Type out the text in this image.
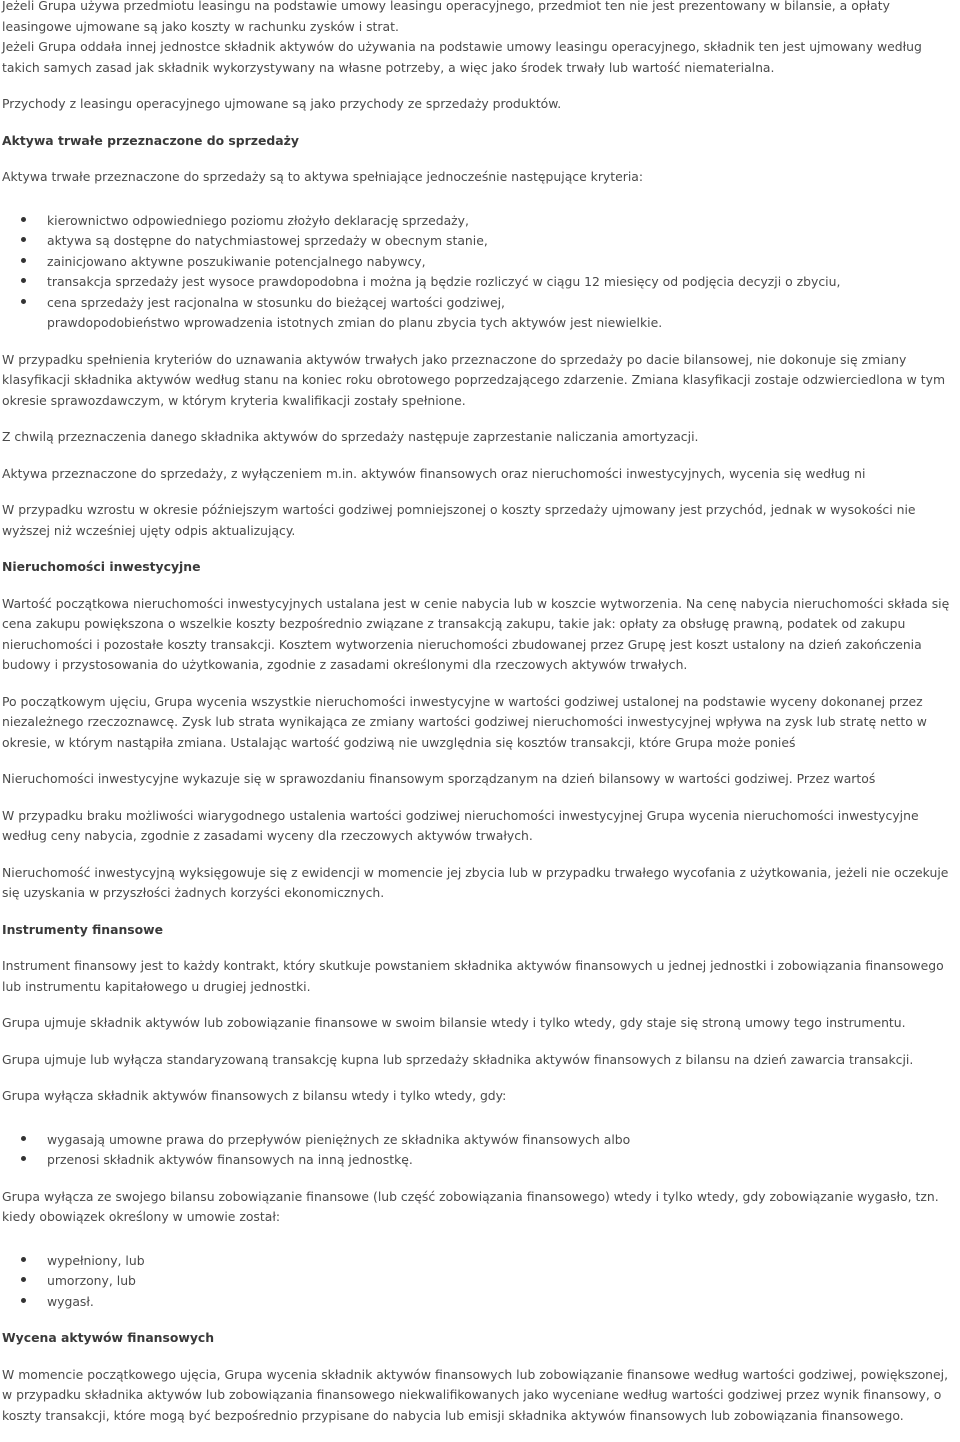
Jeżeli Grupa używa przedmiotu leasingu na podstawie umowy leasingu operacyjnego, przedmiot ten nie jest prezentowany w bilansie, a opłaty leasingowe ujmowane są jako koszty w rachunku zysków i strat.

Jeżeli Grupa oddała innej jednostce składnik aktywów do używania na podstawie umowy leasingu operacyjnego, składnik ten jest ujmowany według takich samych zasad jak składnik wykorzystywany na własne potrzeby, a więc jako środek trwały lub wartość niematerialna.

Przychody z leasingu operacyjnego ujmowane są jako przychody ze sprzedaży produktów.

Aktywa trwałe przeznaczone do sprzedaży

Aktywa trwałe przeznaczone do sprzedaży są to aktywa spełniające jednocześnie następujące kryteria:

kierownictwo odpowiedniego poziomu złożyło deklarację sprzedaży,
aktywa są dostępne do natychmiastowej sprzedaży w obecnym stanie,
zainicjowano aktywne poszukiwanie potencjalnego nabywcy,
transakcja sprzedaży jest wysoce prawdopodobna i można ją będzie rozliczyć w ciągu 12 miesięcy od podjęcia decyzji o zbyciu,
cena sprzedaży jest racjonalna w stosunku do bieżącej wartości godziwej,
prawdopodobieństwo wprowadzenia istotnych zmian do planu zbycia tych aktywów jest niewielkie.

W przypadku spełnienia kryteriów do uznawania aktywów trwałych jako przeznaczone do sprzedaży po dacie bilansowej, nie dokonuje się zmiany klasyfikacji składnika aktywów według stanu na koniec roku obrotowego poprzedzającego zdarzenie. Zmiana klasyfikacji zostaje odzwierciedlona w tym okresie sprawozdawczym, w którym kryteria kwalifikacji zostały spełnione.

Z chwilą przeznaczenia danego składnika aktywów do sprzedaży następuje zaprzestanie naliczania amortyzacji.

Aktywa przeznaczone do sprzedaży, z wyłączeniem m.in. aktywów finansowych oraz nieruchomości inwestycyjnych, wycenia się według ni

W przypadku wzrostu w okresie późniejszym wartości godziwej pomniejszonej o koszty sprzedaży ujmowany jest przychód, jednak w wysokości nie wyższej niż wcześniej ujęty odpis aktualizujący.

Nieruchomości inwestycyjne

Wartość początkowa nieruchomości inwestycyjnych ustalana jest w cenie nabycia lub w koszcie wytworzenia. Na cenę nabycia nieruchomości składa się cena zakupu powiększona o wszelkie koszty bezpośrednio związane z transakcją zakupu, takie jak: opłaty za obsługę prawną, podatek od zakupu nieruchomości i pozostałe koszty transakcji. Kosztem wytworzenia nieruchomości zbudowanej przez Grupę jest koszt ustalony na dzień zakończenia budowy i przystosowania do użytkowania, zgodnie z zasadami określonymi dla rzeczowych aktywów trwałych.

Po początkowym ujęciu, Grupa wycenia wszystkie nieruchomości inwestycyjne w wartości godziwej ustalonej na podstawie wyceny dokonanej przez niezależnego rzeczoznawcę. Zysk lub strata wynikająca ze zmiany wartości godziwej nieruchomości inwestycyjnej wpływa na zysk lub stratę netto w okresie, w którym nastąpiła zmiana. Ustalając wartość godziwą nie uwzględnia się kosztów transakcji, które Grupa może ponieś

Nieruchomości inwestycyjne wykazuje się w sprawozdaniu finansowym sporządzanym na dzień bilansowy w wartości godziwej. Przez wartoś

W przypadku braku możliwości wiarygodnego ustalenia wartości godziwej nieruchomości inwestycyjnej Grupa wycenia nieruchomości inwestycyjne według ceny nabycia, zgodnie z zasadami wyceny dla rzeczowych aktywów trwałych.

Nieruchomość inwestycyjną wyksięgowuje się z ewidencji w momencie jej zbycia lub w przypadku trwałego wycofania z użytkowania, jeżeli nie oczekuje się uzyskania w przyszłości żadnych korzyści ekonomicznych.

Instrumenty finansowe

Instrument finansowy jest to każdy kontrakt, który skutkuje powstaniem składnika aktywów finansowych u jednej jednostki i zobowiązania finansowego lub instrumentu kapitałowego u drugiej jednostki.

Grupa ujmuje składnik aktywów lub zobowiązanie finansowe w swoim bilansie wtedy i tylko wtedy, gdy staje się stroną umowy tego instrumentu.

Grupa ujmuje lub wyłącza standaryzowaną transakcję kupna lub sprzedaży składnika aktywów finansowych z bilansu na dzień zawarcia transakcji.

Grupa wyłącza składnik aktywów finansowych z bilansu wtedy i tylko wtedy, gdy:

wygasają umowne prawa do przepływów pieniężnych ze składnika aktywów finansowych albo
przenosi składnik aktywów finansowych na inną jednostkę.

Grupa wyłącza ze swojego bilansu zobowiązanie finansowe (lub część zobowiązania finansowego) wtedy i tylko wtedy, gdy zobowiązanie wygasło, tzn. kiedy obowiązek określony w umowie został:

wypełniony, lub
umorzony, lub
wygasł.
Wycena aktywów finansowych

W momencie początkowego ujęcia, Grupa wycenia składnik aktywów finansowych lub zobowiązanie finansowe według wartości godziwej, powiększonej, w przypadku składnika aktywów lub zobowiązania finansowego niekwalifikowanych jako wyceniane według wartości godziwej przez wynik finansowy, o koszty transakcji, które mogą być bezpośrednio przypisane do nabycia lub emisji składnika aktywów finansowych lub zobowiązania finansowego.
